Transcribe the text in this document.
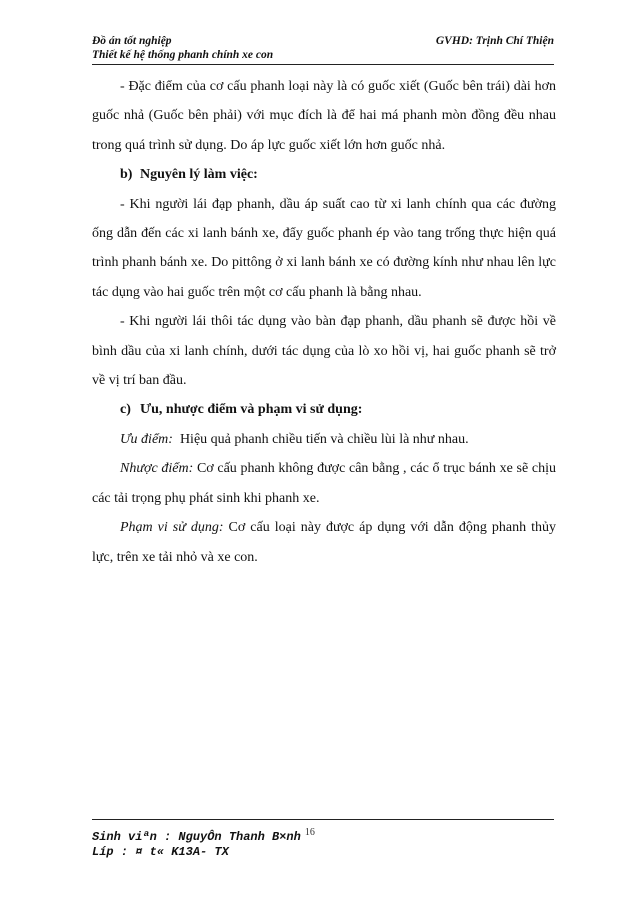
Đồ án tốt nghiệp	GVHD: Trịnh Chí Thiện
Thiết kế hệ thống phanh chính xe con

- Đặc điểm của cơ cấu phanh loại này là có guốc xiết (Guốc bên trái) dài hơn guốc nhả (Guốc bên phải) với mục đích là để hai má phanh mòn đồng đều nhau trong quá trình sử dụng. Do áp lực guốc xiết lớn hơn guốc nhả.

b) Nguyên lý làm việc:

- Khi người lái đạp phanh, dầu áp suất cao từ xi lanh chính qua các đường ống dẫn đến các xi lanh bánh xe, đẩy guốc phanh ép vào tang trống thực hiện quá trình phanh bánh xe. Do pittông ở xi lanh bánh xe có đường kính như nhau lên lực tác dụng vào hai guốc trên một cơ cấu phanh là bằng nhau.

- Khi người lái thôi tác dụng vào bàn đạp phanh, dầu phanh sẽ được hồi về bình dầu của xi lanh chính, dưới tác dụng của lò xo hồi vị, hai guốc phanh sẽ trở về vị trí ban đầu.

c) Ưu, nhược điểm và phạm vi sử dụng:

Ưu điểm: Hiệu quả phanh chiều tiến và chiều lùi là như nhau.

Nhược điểm: Cơ cấu phanh không được cân bằng , các ổ trục bánh xe sẽ chịu các tải trọng phụ phát sinh khi phanh xe.

Phạm vi sử dụng: Cơ cấu loại này được áp dụng với dẫn động phanh thủy lực, trên xe tải nhỏ và xe con.

Sinh viªn : NguyÔn Thanh B×nh $^{16}$
Líp : ¤ t« K13A- TX
